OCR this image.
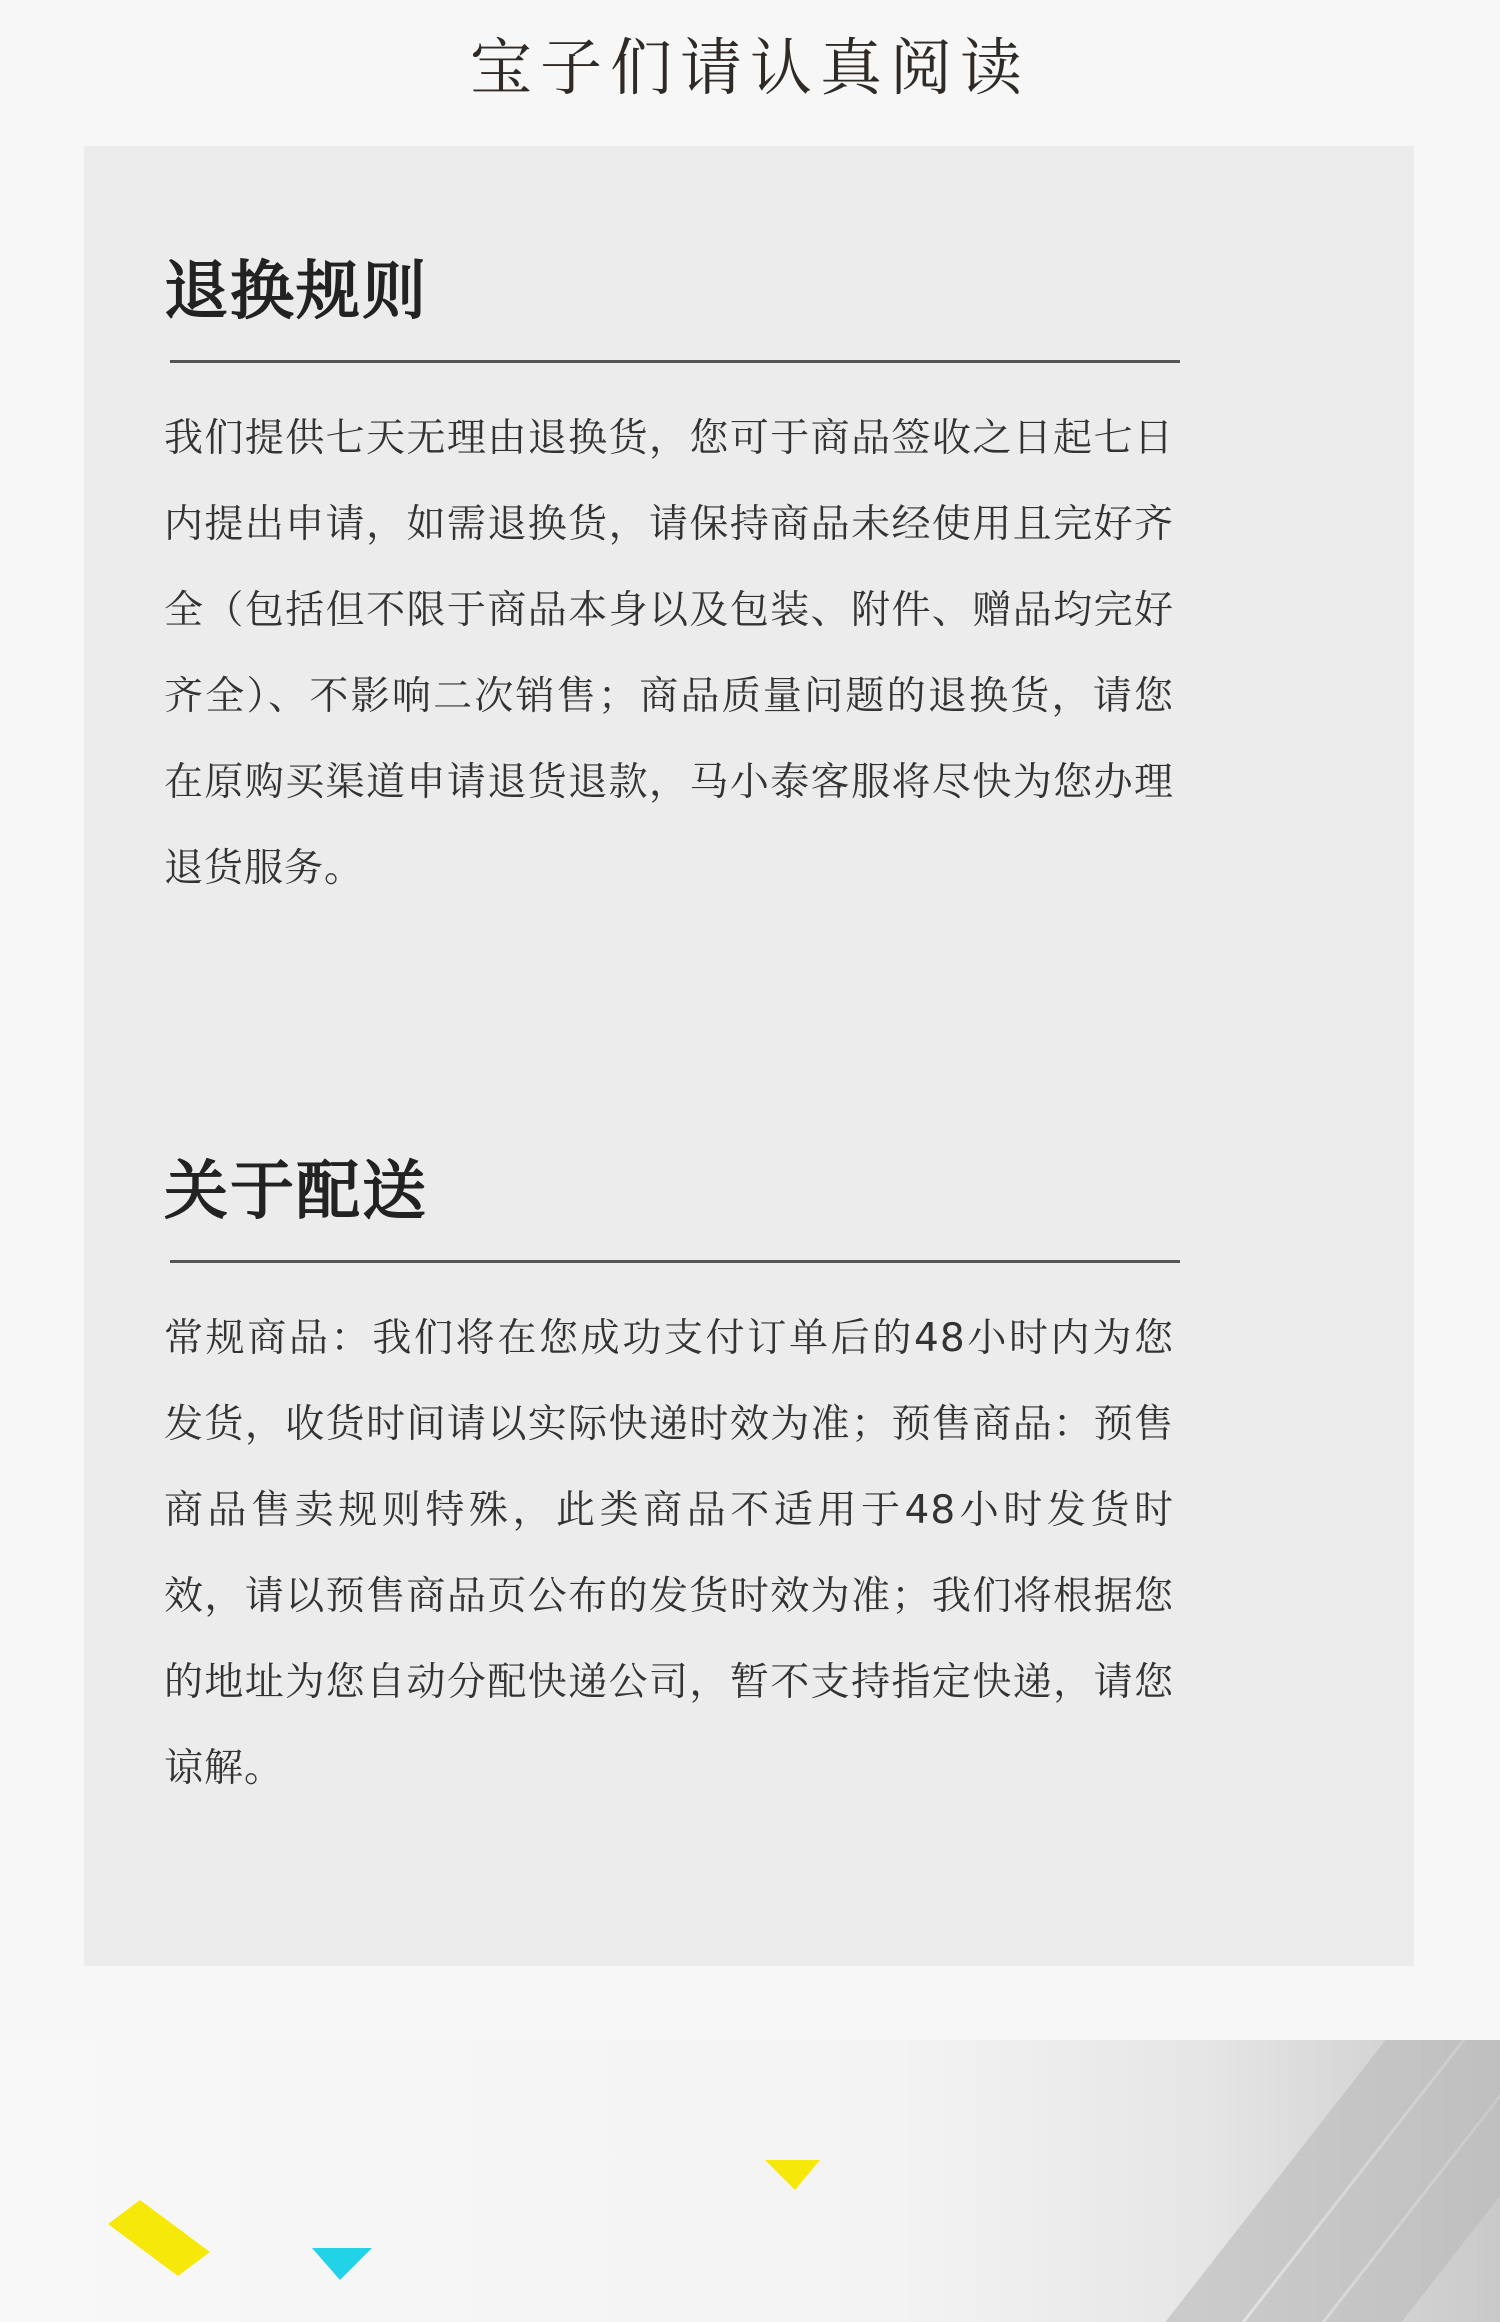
宝子们请认真阅读
退换规则

我们提供七天无理由退换货，您可于商品签收之日起七日内提出申请，如需退换货，请保持商品未经使用且完好齐全（包括但不限于商品本身以及包装、附件、赠品均完好齐全）、不影响二次销售；商品质量问题的退换货，请您在原购买渠道申请退货退款，马小泰客服将尽快为您办理退货服务。

关于配送

常规商品：我们将在您成功支付订单后的48小时内为您发货，收货时间请以实际快递时效为准；预售商品：预售商品售卖规则特殊，此类商品不适用于48小时发货时效，请以预售商品页公布的发货时效为准；我们将根据您的地址为您自动分配快递公司，暂不支持指定快递，请您谅解。
